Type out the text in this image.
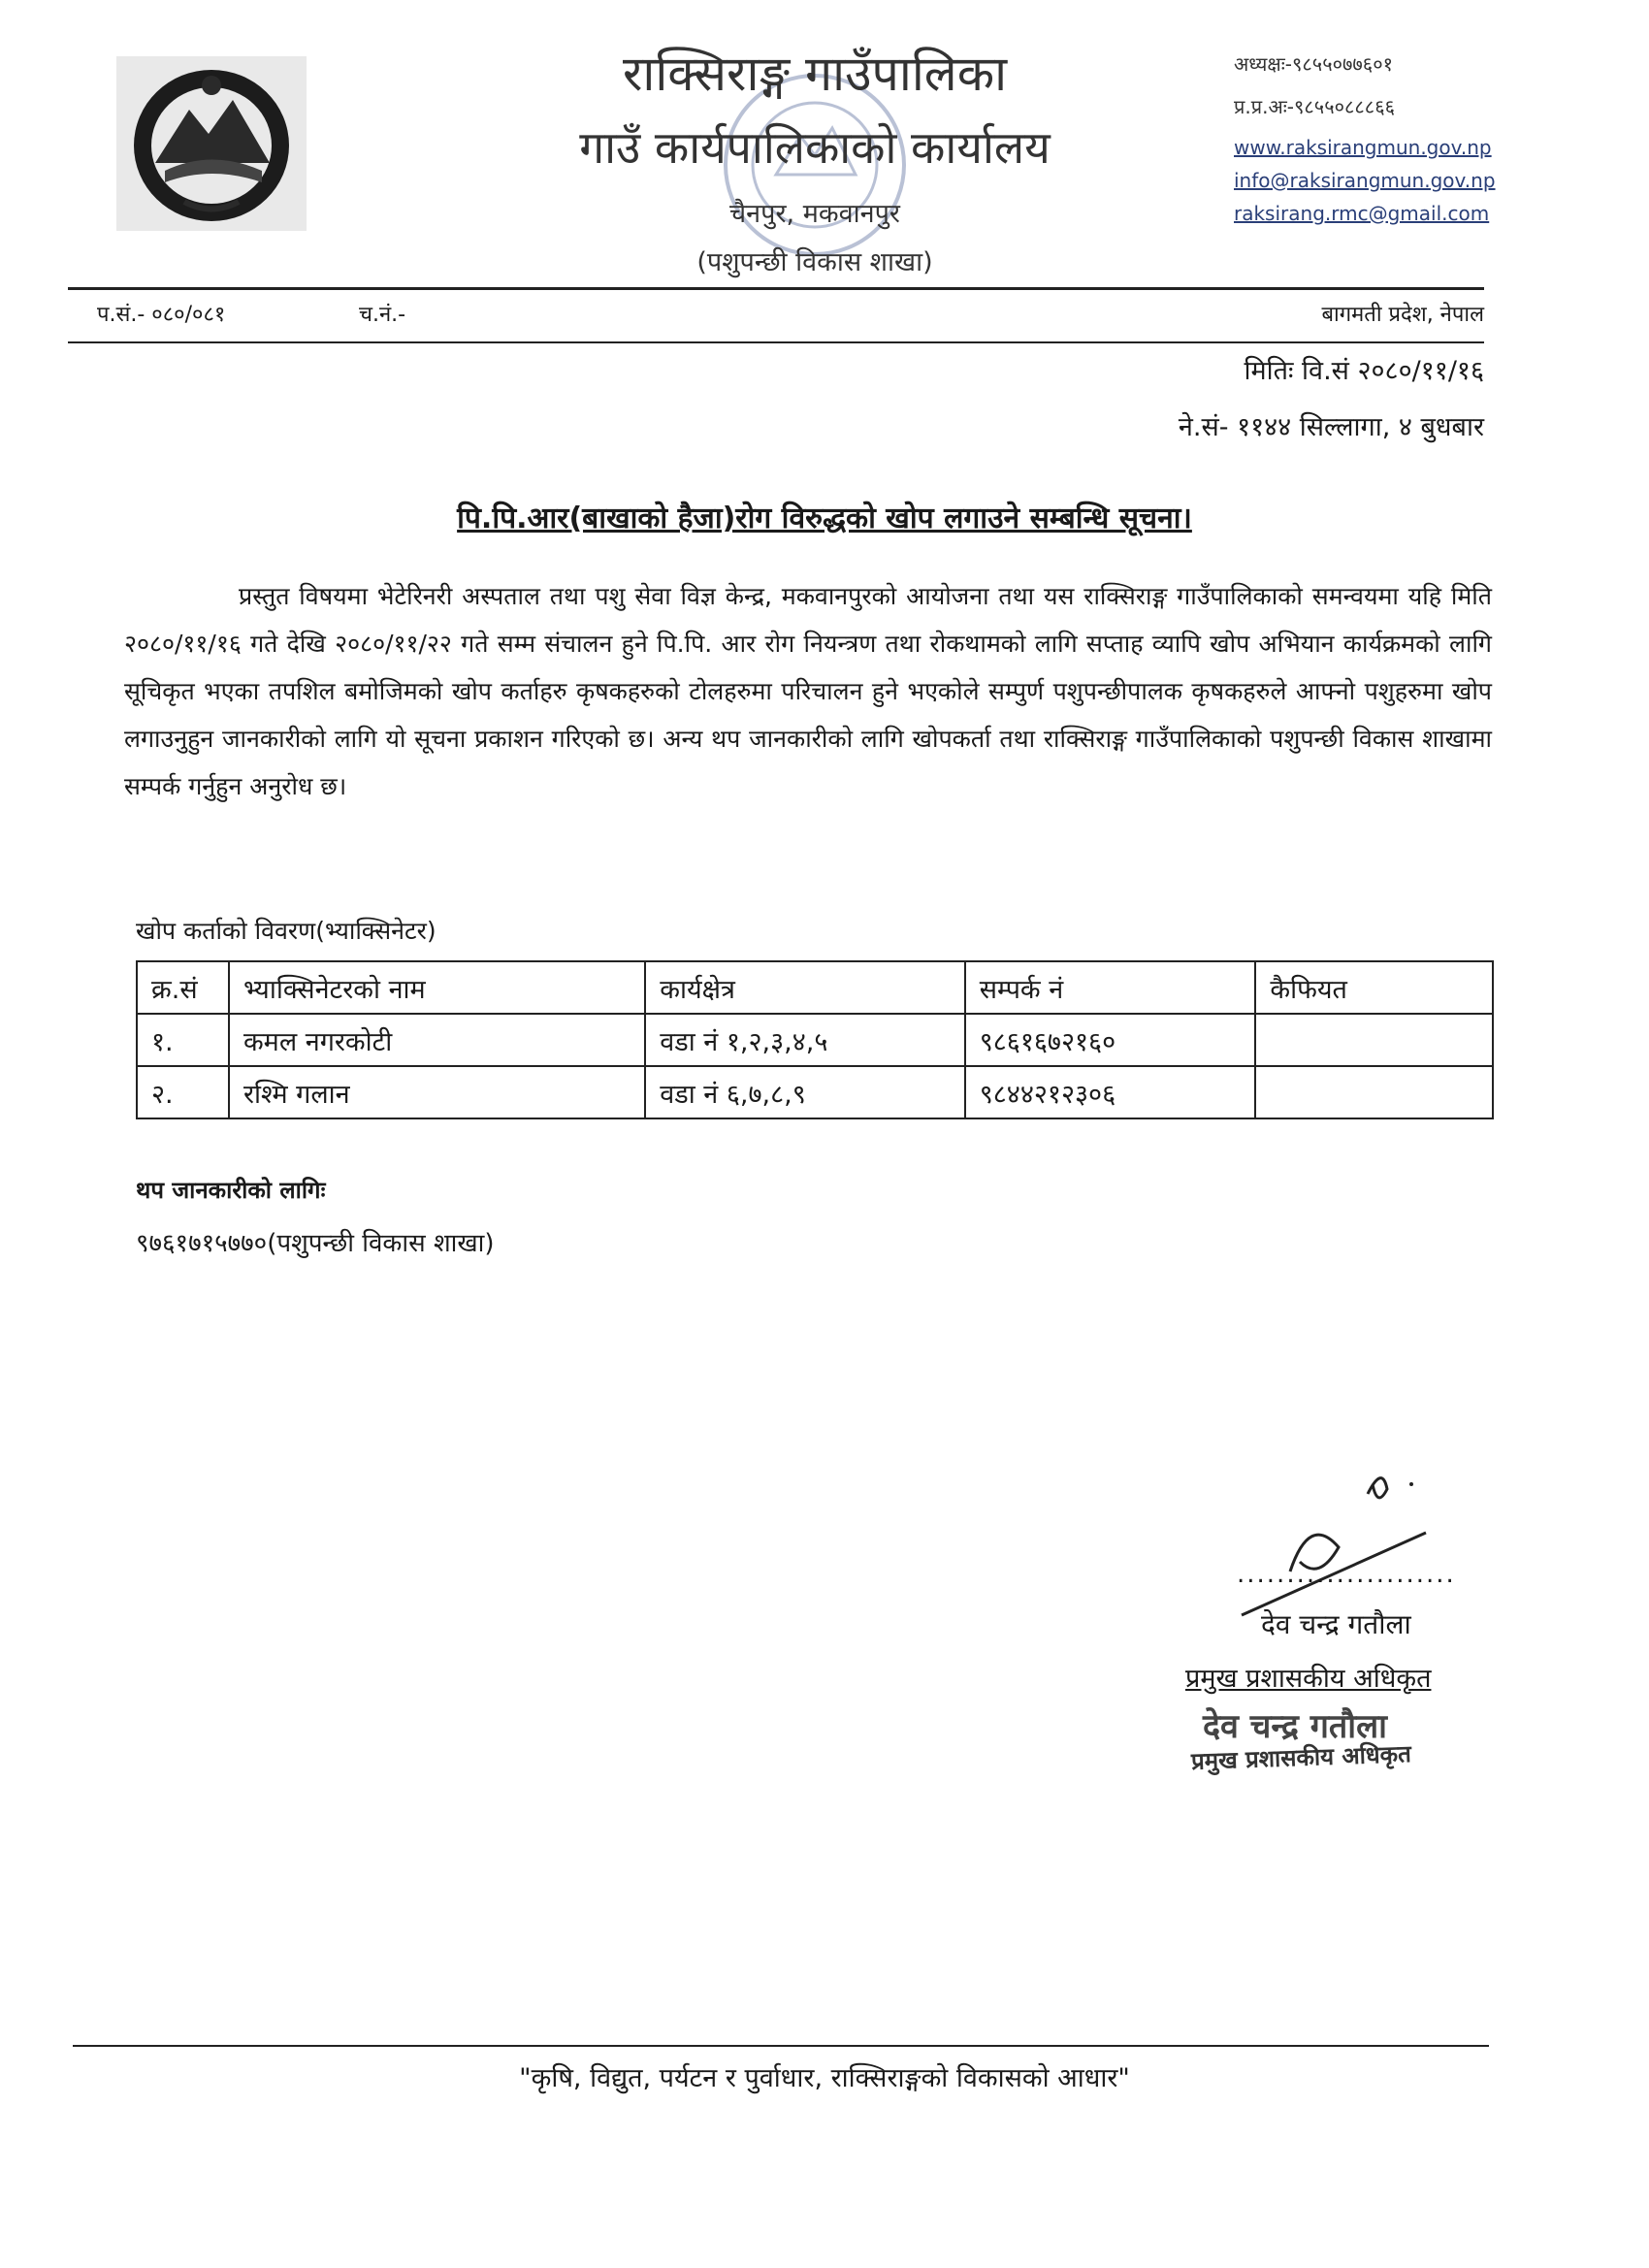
राक्सिराङ्ग गाउँपालिका
गाउँ कार्यपालिकाको कार्यालय
चैनपुर, मकवानपुर
(पशुपन्छी विकास शाखा)
अध्यक्षः-९८५५०७७६०१
प्र.प्र.अः-९८५५०८८८६६
www.raksirangmun.gov.np
info@raksirangmun.gov.np
raksirang.rmc@gmail.com
प.सं.- ०८०/०८१	च.नं.-	बागमती प्रदेश, नेपाल
मितिः वि.सं २०८०/११/१६
ने.सं- ११४४ सिल्लागा, ४ बुधबार
पि.पि.आर(बाखाको हैजा)रोग विरुद्धको खोप लगाउने सम्बन्धि सूचना।
प्रस्तुत विषयमा भेटेरिनरी अस्पताल तथा पशु सेवा विज्ञ केन्द्र, मकवानपुरको आयोजना तथा यस राक्सिराङ्ग गाउँपालिकाको समन्वयमा यहि मिति २०८०/११/१६ गते देखि २०८०/११/२२ गते सम्म संचालन हुने पि.पि. आर रोग नियन्त्रण तथा रोकथामको लागि सप्ताह व्यापि खोप अभियान कार्यक्रमको लागि सूचिकृत भएका तपशिल बमोजिमको खोप कर्ताहरु कृषकहरुको टोलहरुमा परिचालन हुने भएकोले सम्पुर्ण पशुपन्छीपालक कृषकहरुले आफ्नो पशुहरुमा खोप लगाउनुहुन जानकारीको लागि यो सूचना प्रकाशन गरिएको छ। अन्य थप जानकारीको लागि खोपकर्ता तथा राक्सिराङ्ग गाउँपालिकाको पशुपन्छी विकास शाखामा सम्पर्क गर्नुहुन अनुरोध छ।
खोप कर्ताको विवरण(भ्याक्सिनेटर)
क्र.सं	भ्याक्सिनेटरको नाम	कार्यक्षेत्र	सम्पर्क नं	कैफियत
१.	कमल नगरकोटी	वडा नं १,२,३,४,५	९८६१६७२१६०	
२.	रश्मि गलान	वडा नं ६,७,८,९	९८४४२१२३०६	
थप जानकारीको लागिः
९७६१७१५७७०(पशुपन्छी विकास शाखा)
......................
देव चन्द्र गतौला
प्रमुख प्रशासकीय अधिकृत
देव चन्द्र गतौला
प्रमुख प्रशासकीय अधिकृत
"कृषि, विद्युत, पर्यटन र पुर्वाधार, राक्सिराङ्गको विकासको आधार"
